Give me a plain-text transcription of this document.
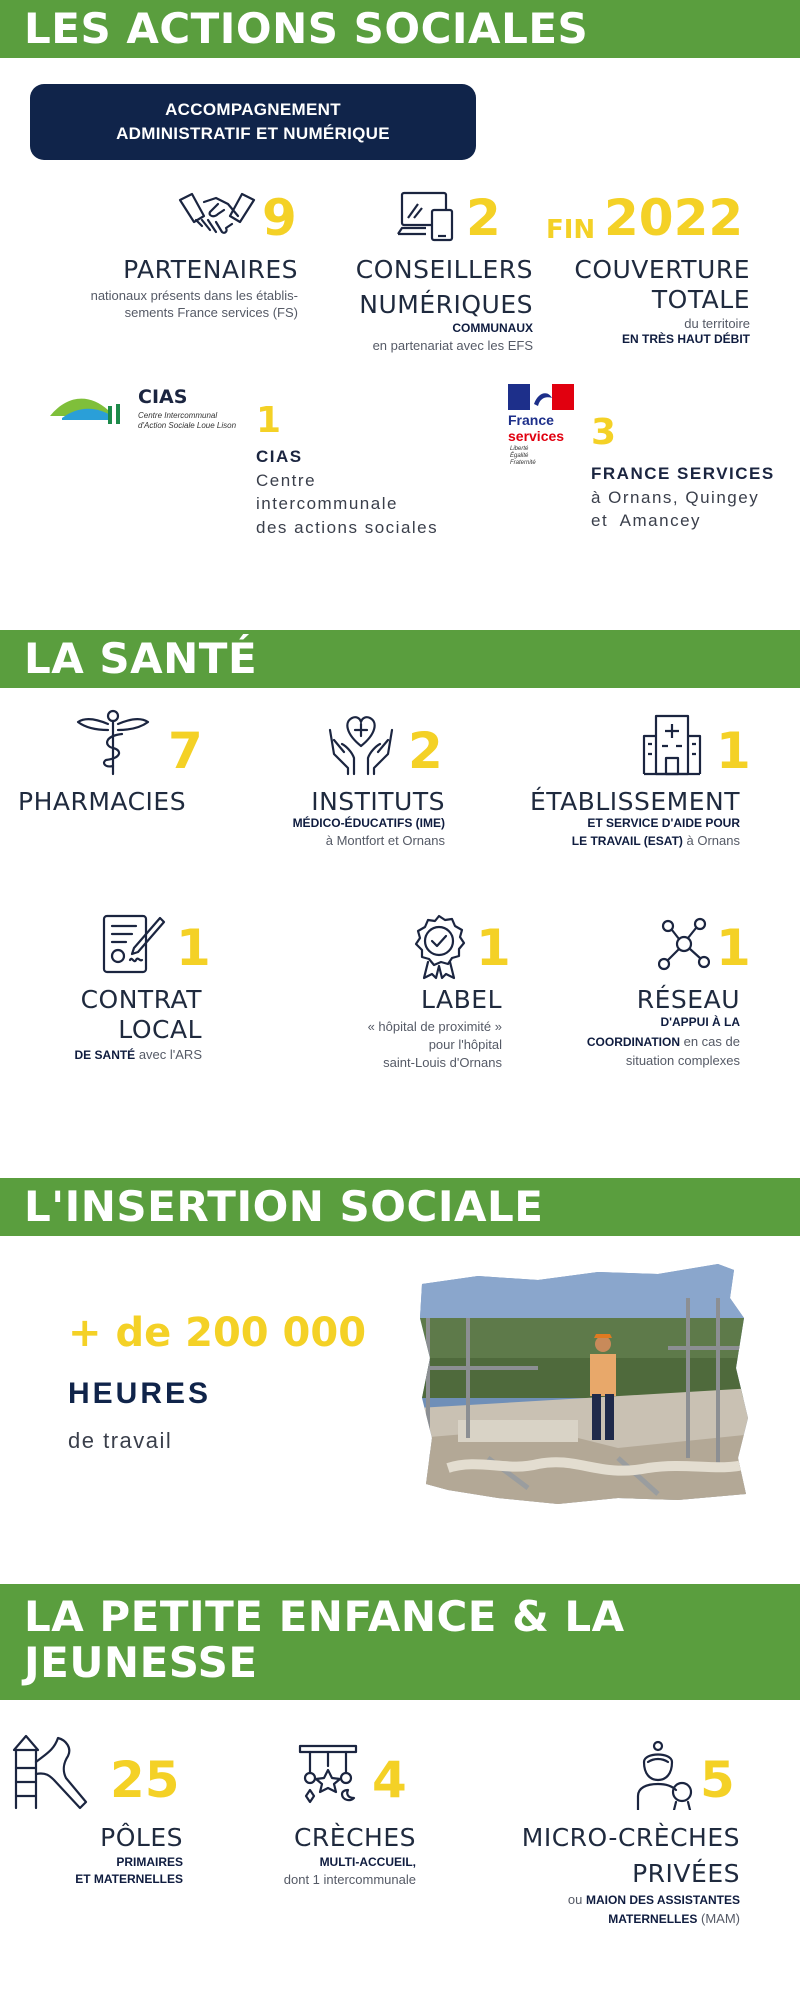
LES ACTIONS SOCIALES
ACCOMPAGNEMENT
ADMINISTRATIF ET NUMÉRIQUE
9
PARTENAIRES
nationaux présents dans les établis-
sements France services (FS)
2
CONSEILLERS
NUMÉRIQUES
COMMUNAUX
en partenariat avec les EFS
FIN 2022
COUVERTURE
TOTALE
du territoire
EN TRÈS HAUT DÉBIT
CIAS
Centre Intercommunal
d'Action Sociale Loue Lison 1
CIAS
Centre
intercommunale
des actions sociales
France
services
Liberté
Égalité
Fraternité
3
FRANCE SERVICES
à Ornans, Quingey
et  Amancey
LA SANTÉ
7
PHARMACIES
2
INSTITUTS
MÉDICO-ÉDUCATIFS (IME)
à Montfort et Ornans
1
ÉTABLISSEMENT
ET SERVICE D'AIDE POUR
LE TRAVAIL (ESAT) à Ornans
1
CONTRAT
LOCAL
DE SANTÉ avec l'ARS
1
LABEL
« hôpital de proximité »
pour l'hôpital
saint-Louis d'Ornans
1
RÉSEAU
D'APPUI À LA
COORDINATION en cas de
situation complexes
L'INSERTION SOCIALE
+ de 200 000
HEURES
de travail
LA PETITE ENFANCE & LA
JEUNESSE
25
PÔLES
PRIMAIRES
ET MATERNELLES
4
CRÈCHES
MULTI-ACCUEIL,
dont 1 intercommunale
5
MICRO-CRÈCHES
PRIVÉES
ou MAION DES ASSISTANTES
MATERNELLES (MAM)
